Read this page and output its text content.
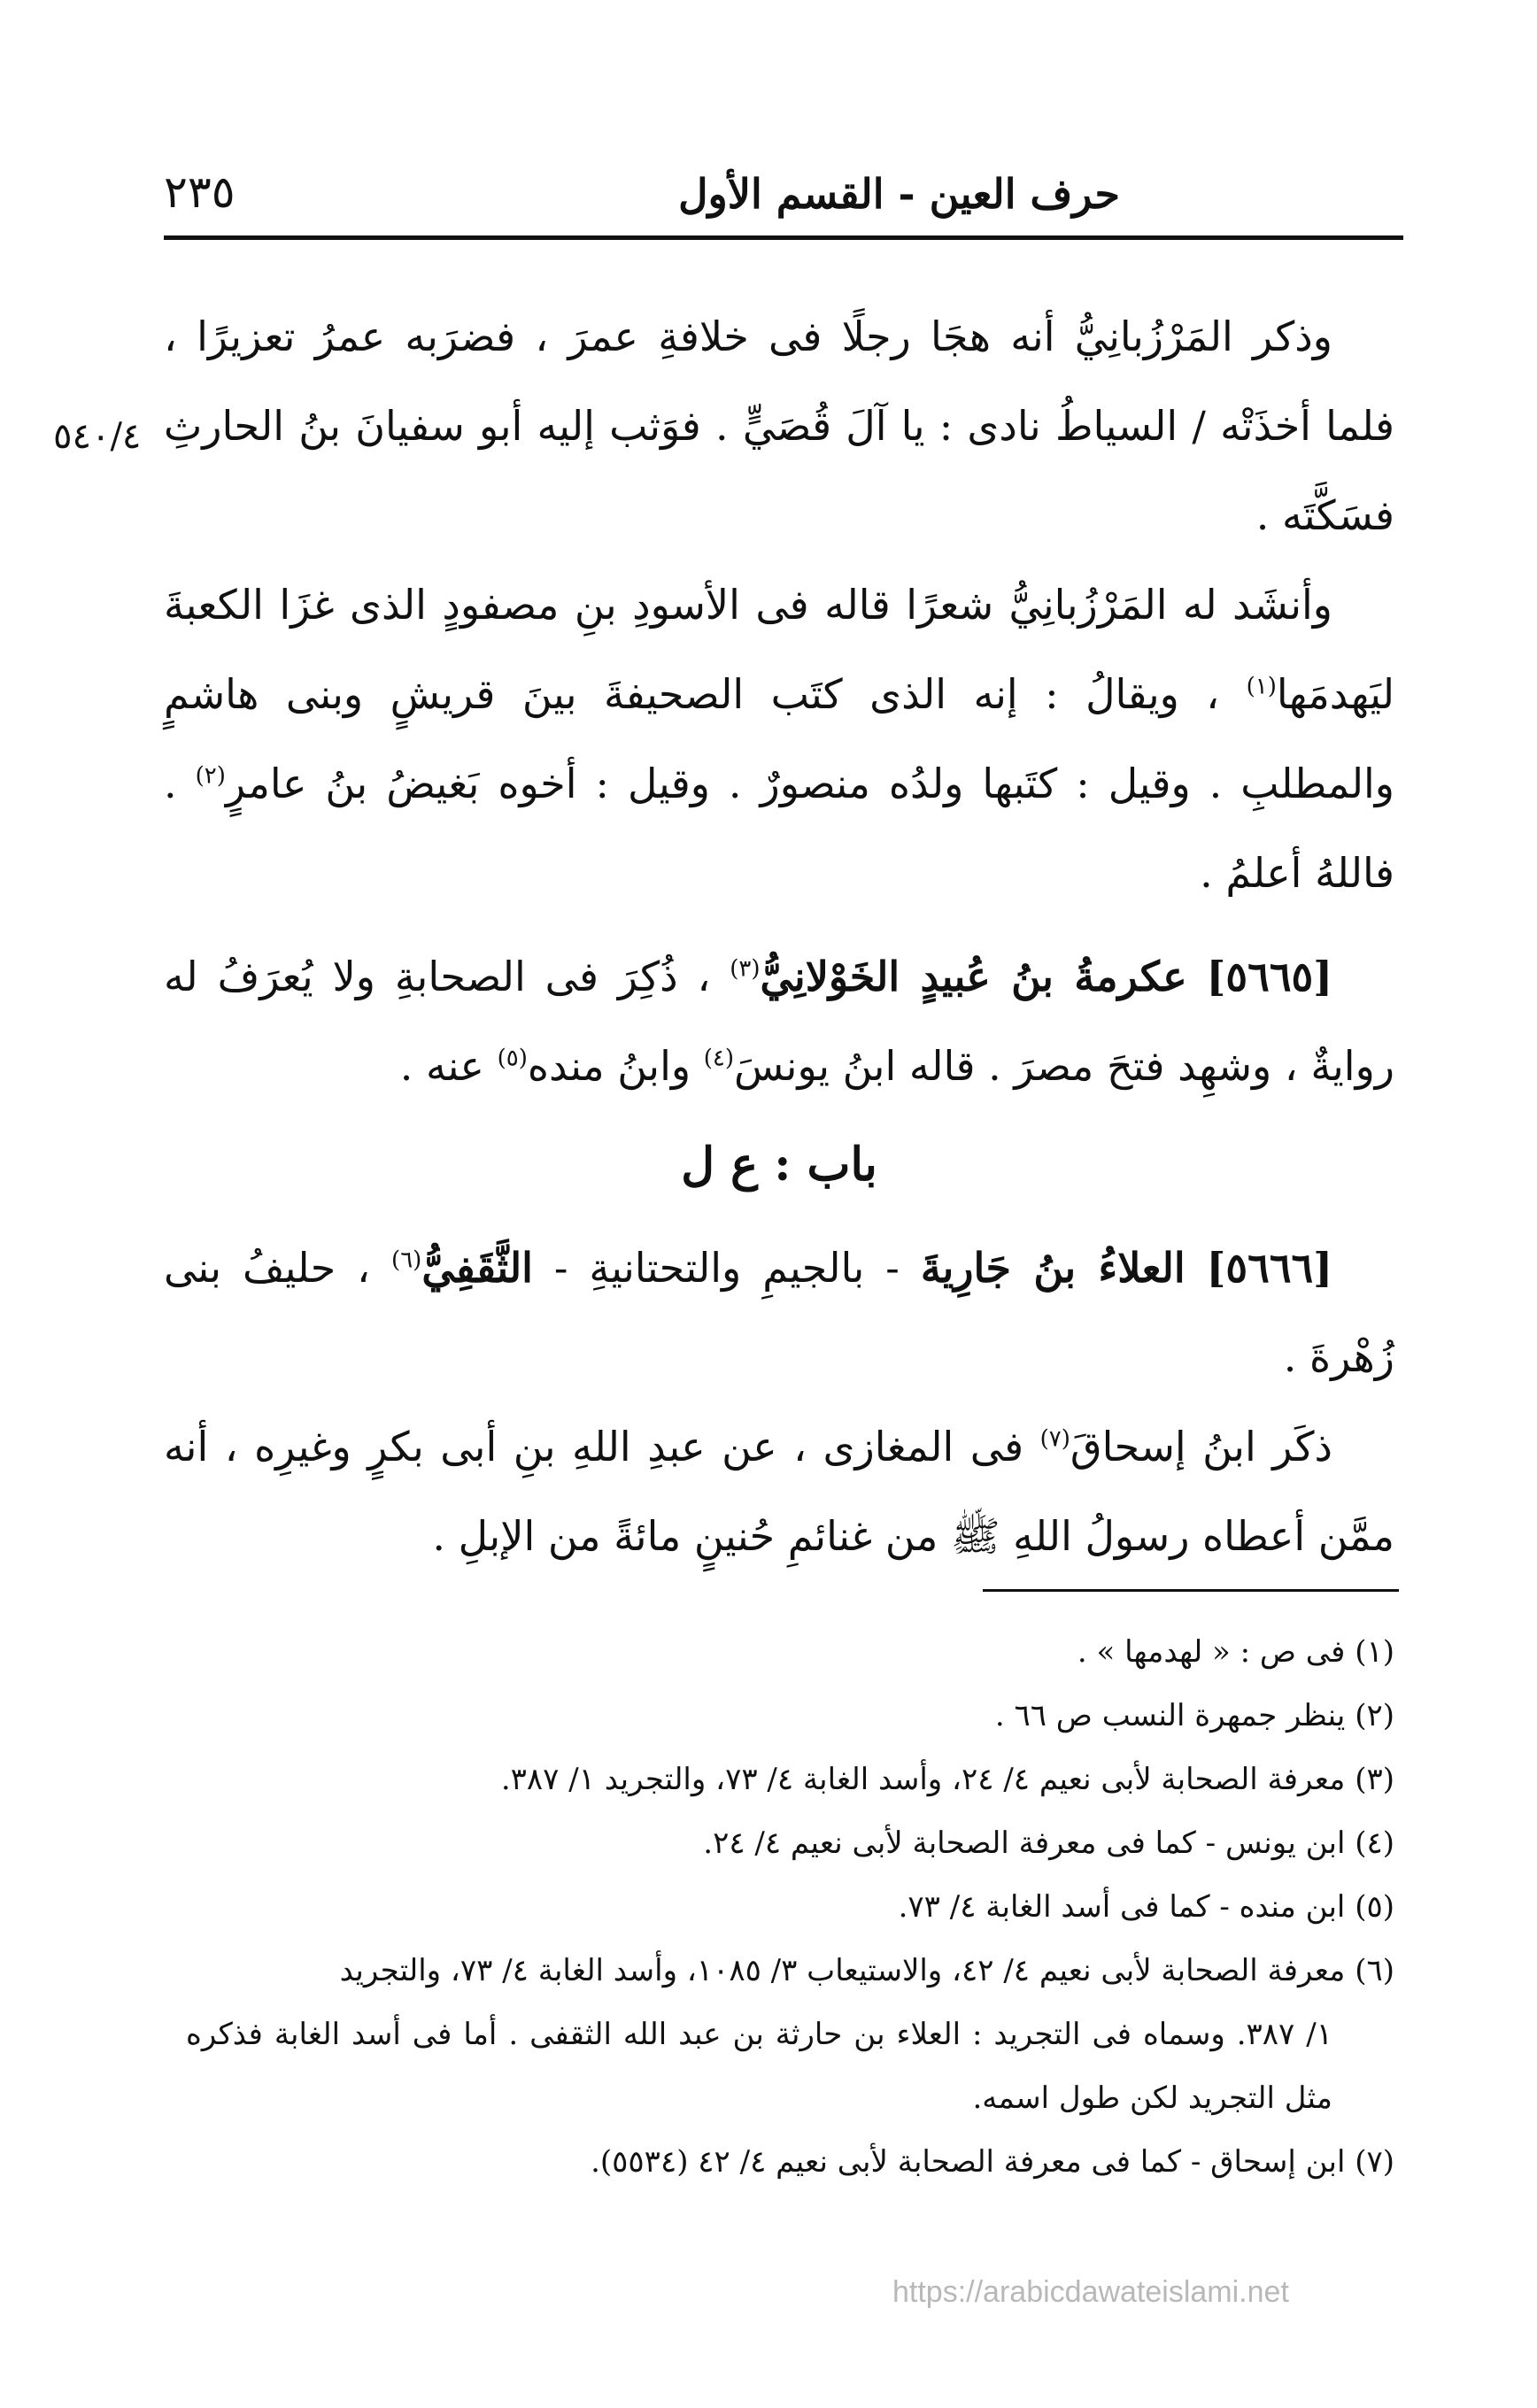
حرف العين - القسم الأول
٢٣٥
٥٤٠/٤

وذكر المَرْزُبانِيُّ أنه هجَا رجلًا فى خلافةِ عمرَ ، فضرَبه عمرُ تعزيرًا ، فلما أخذَتْه / السياطُ نادى : يا آلَ قُصَيٍّ . فوَثب إليه أبو سفيانَ بنُ الحارثِ فسَكَّتَه .

وأنشَد له المَرْزُبانِيُّ شعرًا قاله فى الأسودِ بنِ مصفودٍ الذى غزَا الكعبةَ ليَهدمَها$^{(١)}$ ، ويقالُ : إنه الذى كتَب الصحيفةَ بينَ قريشٍ وبنى هاشمٍ والمطلبِ . وقيل : كتَبها ولدُه منصورٌ . وقيل : أخوه بَغيضُ بنُ عامرٍ$^{(٢)}$ . فاللهُ أعلمُ .

[٥٦٦٥] عكرمةُ بنُ عُبيدٍ الخَوْلانِيُّ$^{(٣)}$ ، ذُكِرَ فى الصحابةِ ولا يُعرَفُ له روايةٌ ، وشهِد فتحَ مصرَ . قاله ابنُ يونسَ$^{(٤)}$ وابنُ منده$^{(٥)}$ عنه .

باب : ع ل

[٥٦٦٦] العلاءُ بنُ جَارِيةَ - بالجيمِ والتحتانيةِ - الثَّقَفِيُّ$^{(٦)}$ ، حليفُ بنى زُهْرةَ .

ذكَر ابنُ إسحاقَ$^{(٧)}$ فى المغازى ، عن عبدِ اللهِ بنِ أبى بكرٍ وغيرِه ، أنه ممَّن أعطاه رسولُ اللهِ ﷺ من غنائمِ حُنينٍ مائةً من الإبلِ .

(١) فى ص : « لهدمها » .

(٢) ينظر جمهرة النسب ص ٦٦ .

(٣) معرفة الصحابة لأبى نعيم ٤/ ٢٤، وأسد الغابة ٤/ ٧٣، والتجريد ١/ ٣٨٧.

(٤) ابن يونس - كما فى معرفة الصحابة لأبى نعيم ٤/ ٢٤.

(٥) ابن منده - كما فى أسد الغابة ٤/ ٧٣.

(٦) معرفة الصحابة لأبى نعيم ٤/ ٤٢، والاستيعاب ٣/ ١٠٨٥، وأسد الغابة ٤/ ٧٣، والتجريد

١/ ٣٨٧. وسماه فى التجريد : العلاء بن حارثة بن عبد الله الثقفى . أما فى أسد الغابة فذكره مثل التجريد لكن طول اسمه.

(٧) ابن إسحاق - كما فى معرفة الصحابة لأبى نعيم ٤/ ٤٢ (٥٥٣٤).

https://arabicdawateislami.net
